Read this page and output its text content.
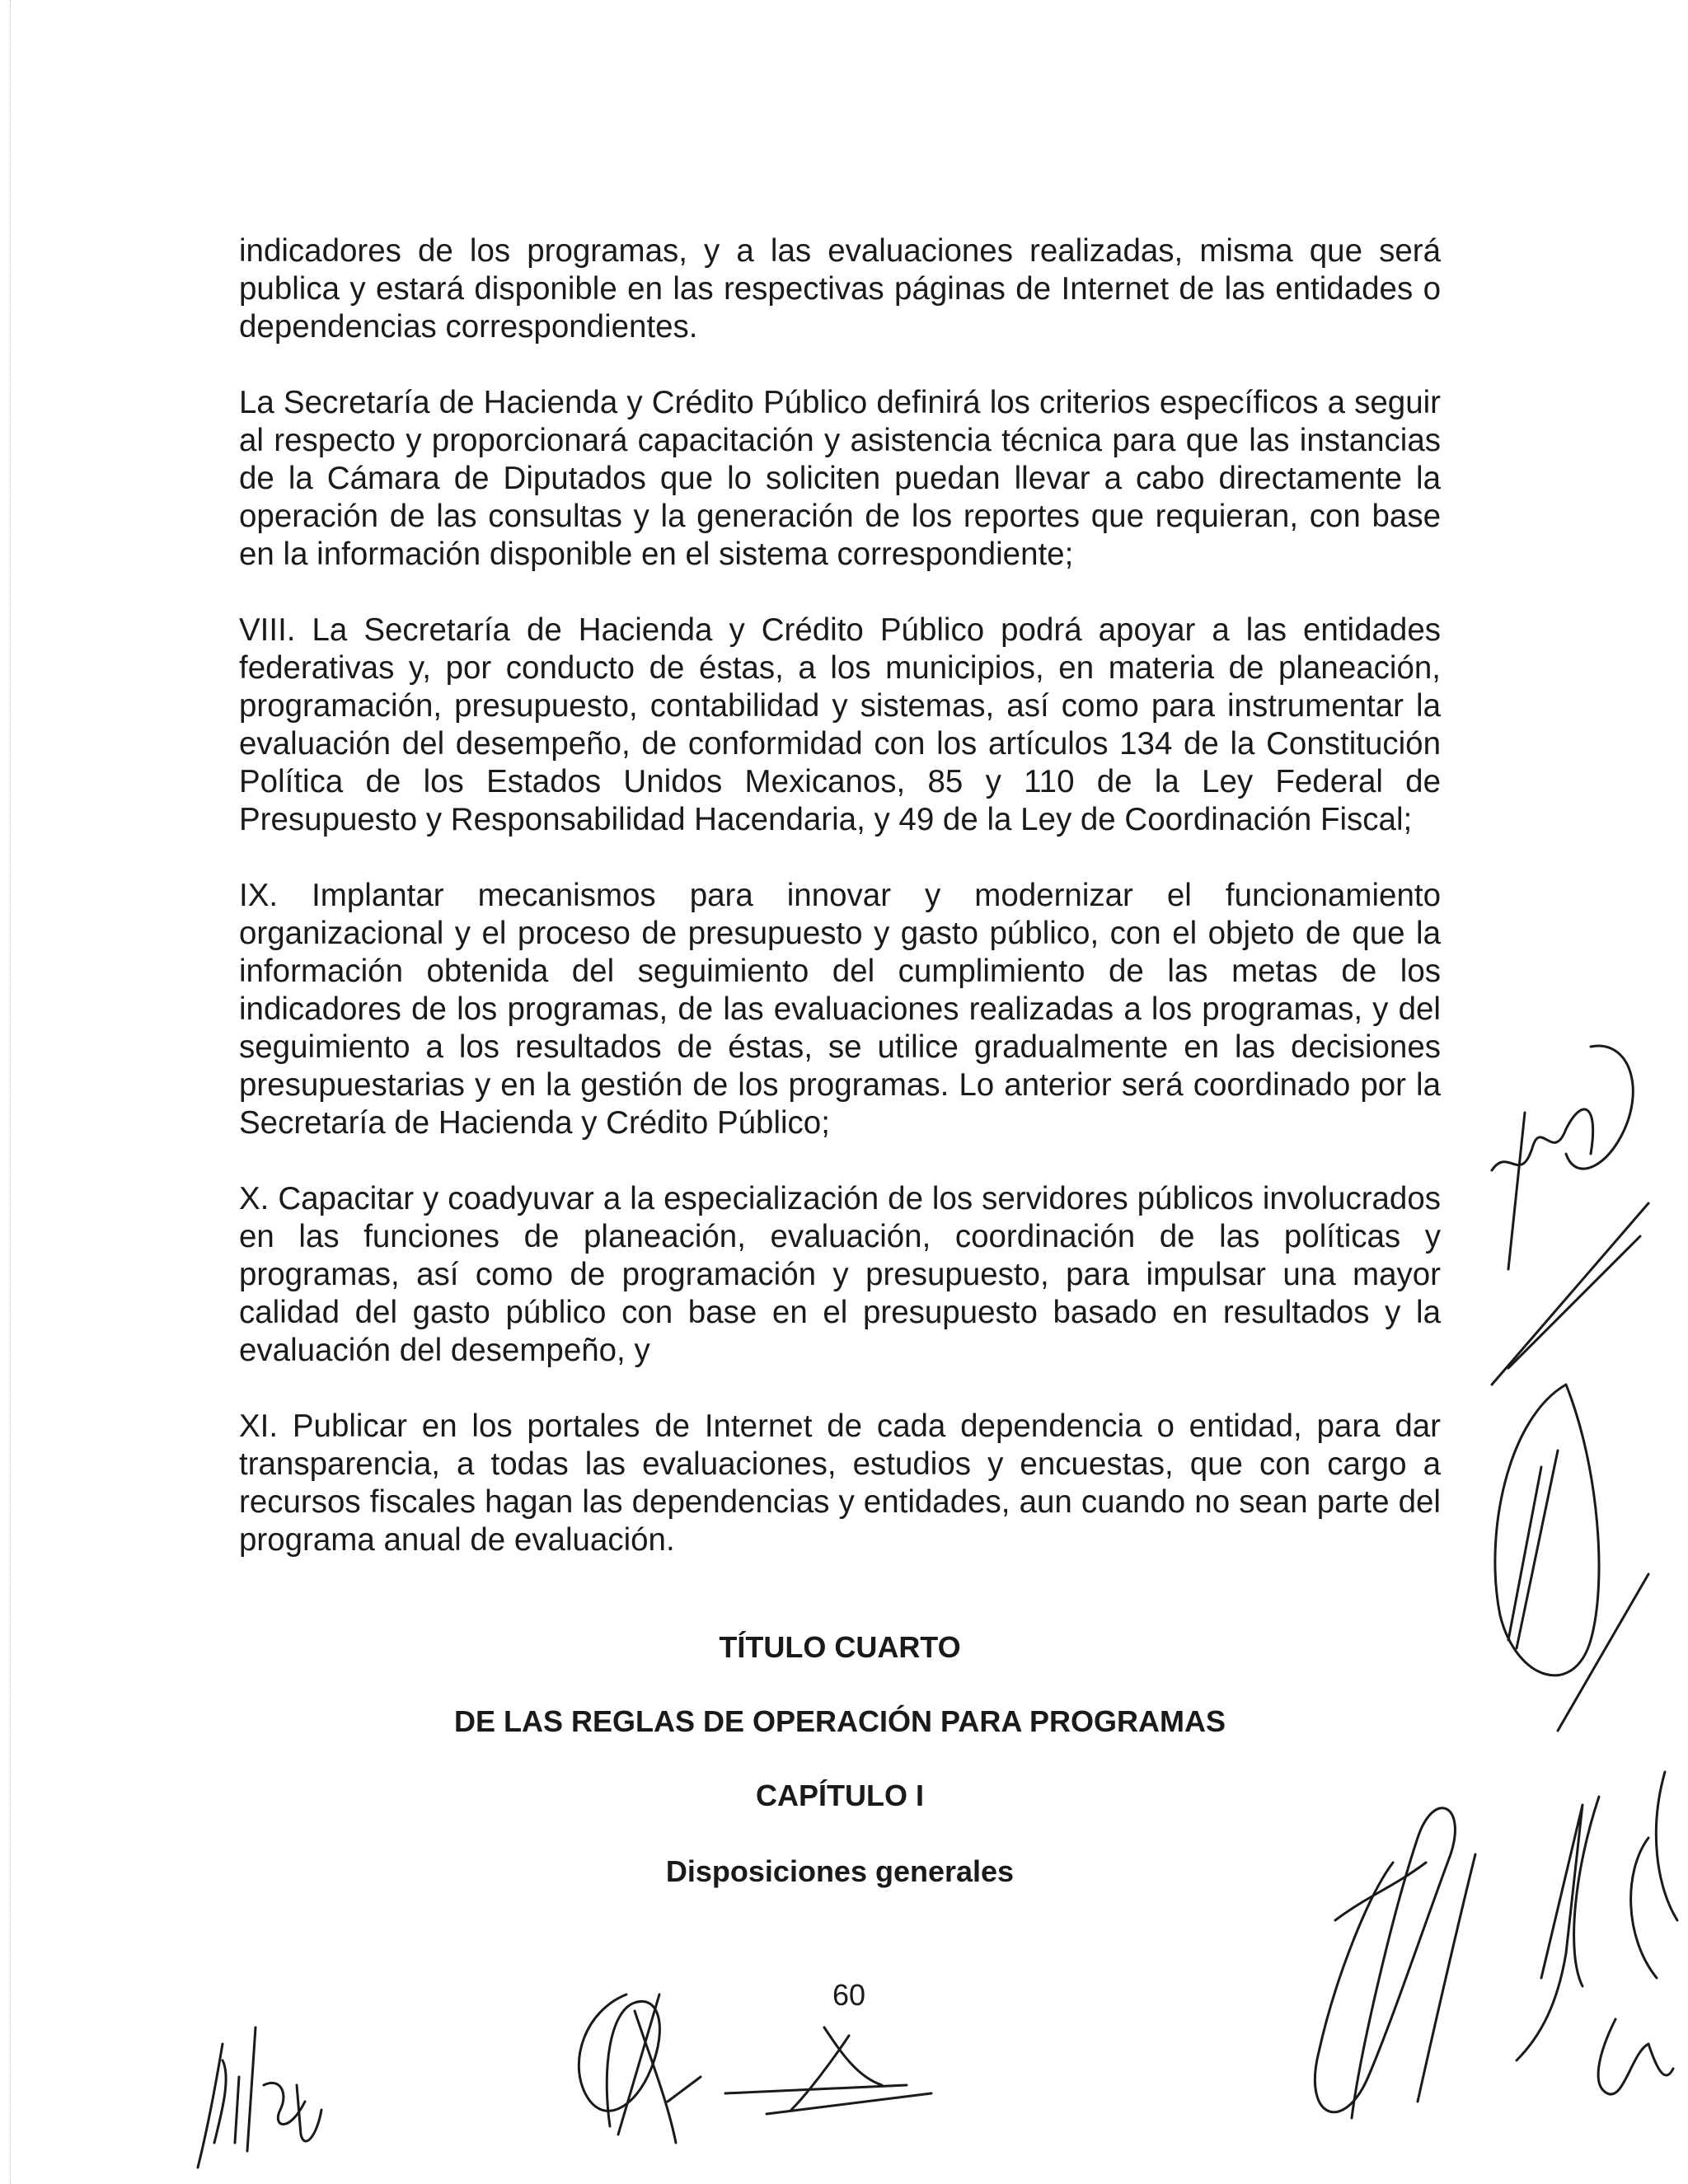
indicadores de los programas, y a las evaluaciones realizadas, misma que será publica y estará disponible en las respectivas páginas de Internet de las entidades o dependencias correspondientes.

La Secretaría de Hacienda y Crédito Público definirá los criterios específicos a seguir al respecto y proporcionará capacitación y asistencia técnica para que las instancias de la Cámara de Diputados que lo soliciten puedan llevar a cabo directamente la operación de las consultas y la generación de los reportes que requieran, con base en la información disponible en el sistema correspondiente;

VIII. La Secretaría de Hacienda y Crédito Público podrá apoyar a las entidades federativas y, por conducto de éstas, a los municipios, en materia de planeación, programación, presupuesto, contabilidad y sistemas, así como para instrumentar la evaluación del desempeño, de conformidad con los artículos 134 de la Constitución Política de los Estados Unidos Mexicanos, 85 y 110 de la Ley Federal de Presupuesto y Responsabilidad Hacendaria, y 49 de la Ley de Coordinación Fiscal;

IX. Implantar mecanismos para innovar y modernizar el funcionamiento organizacional y el proceso de presupuesto y gasto público, con el objeto de que la información obtenida del seguimiento del cumplimiento de las metas de los indicadores de los programas, de las evaluaciones realizadas a los programas, y del seguimiento a los resultados de éstas, se utilice gradualmente en las decisiones presupuestarias y en la gestión de los programas. Lo anterior será coordinado por la Secretaría de Hacienda y Crédito Público;

X. Capacitar y coadyuvar a la especialización de los servidores públicos involucrados en las funciones de planeación, evaluación, coordinación de las políticas y programas, así como de programación y presupuesto, para impulsar una mayor calidad del gasto público con base en el presupuesto basado en resultados y la evaluación del desempeño, y

XI. Publicar en los portales de Internet de cada dependencia o entidad, para dar transparencia, a todas las evaluaciones, estudios y encuestas, que con cargo a recursos fiscales hagan las dependencias y entidades, aun cuando no sean parte del programa anual de evaluación.

TÍTULO CUARTO
DE LAS REGLAS DE OPERACIÓN PARA PROGRAMAS
CAPÍTULO I
Disposiciones generales
60
